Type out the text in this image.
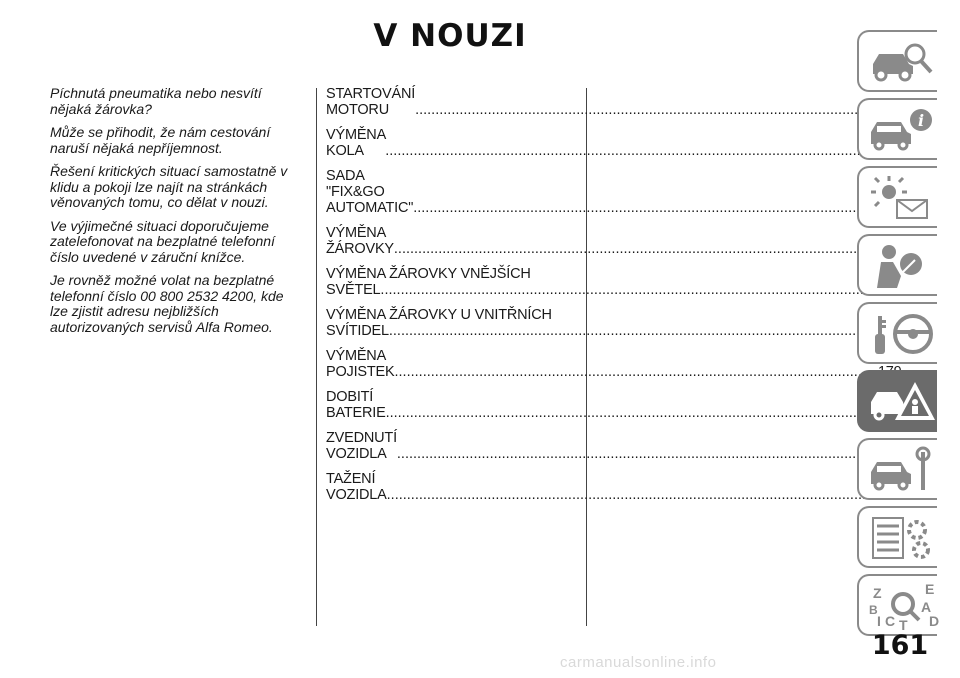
V NOUZI

Píchnutá pneumatika nebo nesvítí nějaká žárovka?

Může se přihodit, že nám cestování naruší nějaká nepříjemnost.

Řešení kritických situací samostatně v klidu a pokoji lze najít na stránkách věnovaných tomu, co dělat v nouzi.

Ve výjimečné situaci doporučujeme zatelefonovat na bezplatné telefonní číslo uvedené v záruční knížce.

Je rovněž možné volat na bezplatné telefonní číslo 00 800 2532 4200, kde lze zjistit adresu nejbližších autorizovaných servisů Alfa Romeo.

STARTOVÁNÍ MOTORU
.....
VÝMĚNA KOLA
.....
SADA "FIX&GO AUTOMATIC"
.....
VÝMĚNA ŽÁROVKY
.....
VÝMĚNA ŽÁROVKY VNĚJŠÍCH
SVĚTEL
.....
VÝMĚNA ŽÁROVKY U VNITŘNÍCH
SVÍTIDEL
.....
VÝMĚNA POJISTEK
.....
DOBITÍ BATERIE
.....
ZVEDNUTÍ VOZIDLA
.....
TAŽENÍ VOZIDLA
.....
i
Z	E
A
B
C T D
I
161
carmanualsonline.info
